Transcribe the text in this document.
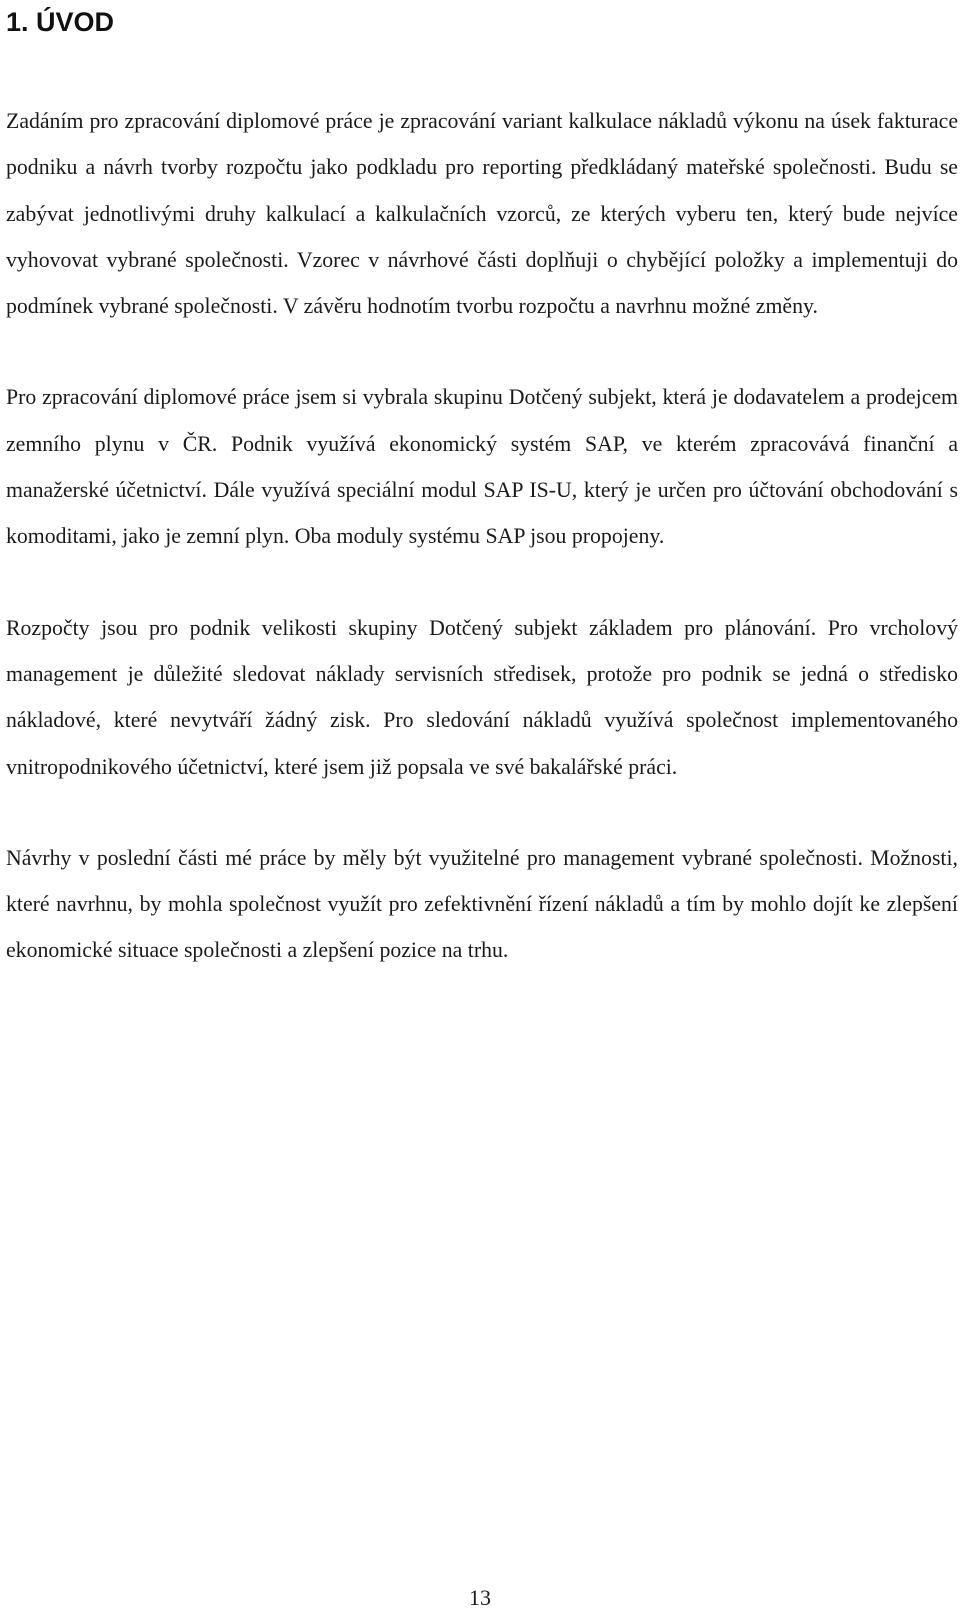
1. ÚVOD

Zadáním pro zpracování diplomové práce je zpracování variant kalkulace nákladů výkonu na úsek fakturace podniku a návrh tvorby rozpočtu jako podkladu pro reporting předkládaný mateřské společnosti. Budu se zabývat jednotlivými druhy kalkulací a kalkulačních vzorců, ze kterých vyberu ten, který bude nejvíce vyhovovat vybrané společnosti. Vzorec v návrhové části doplňuji o chybějící položky a implementuji do podmínek vybrané společnosti. V závěru hodnotím tvorbu rozpočtu a navrhnu možné změny.

Pro zpracování diplomové práce jsem si vybrala skupinu Dotčený subjekt, která je dodavatelem a prodejcem zemního plynu v ČR. Podnik využívá ekonomický systém SAP, ve kterém zpracovává finanční a manažerské účetnictví. Dále využívá speciální modul SAP IS-U, který je určen pro účtování obchodování s komoditami, jako je zemní plyn. Oba moduly systému SAP jsou propojeny.

Rozpočty jsou pro podnik velikosti skupiny Dotčený subjekt základem pro plánování. Pro vrcholový management je důležité sledovat náklady servisních středisek, protože pro podnik se jedná o středisko nákladové, které nevytváří žádný zisk. Pro sledování nákladů využívá společnost implementovaného vnitropodnikového účetnictví, které jsem již popsala ve své bakalářské práci.

Návrhy v poslední části mé práce by měly být využitelné pro management vybrané společnosti. Možnosti, které navrhnu, by mohla společnost využít pro zefektivnění řízení nákladů a tím by mohlo dojít ke zlepšení ekonomické situace společnosti a zlepšení pozice na trhu.

13
